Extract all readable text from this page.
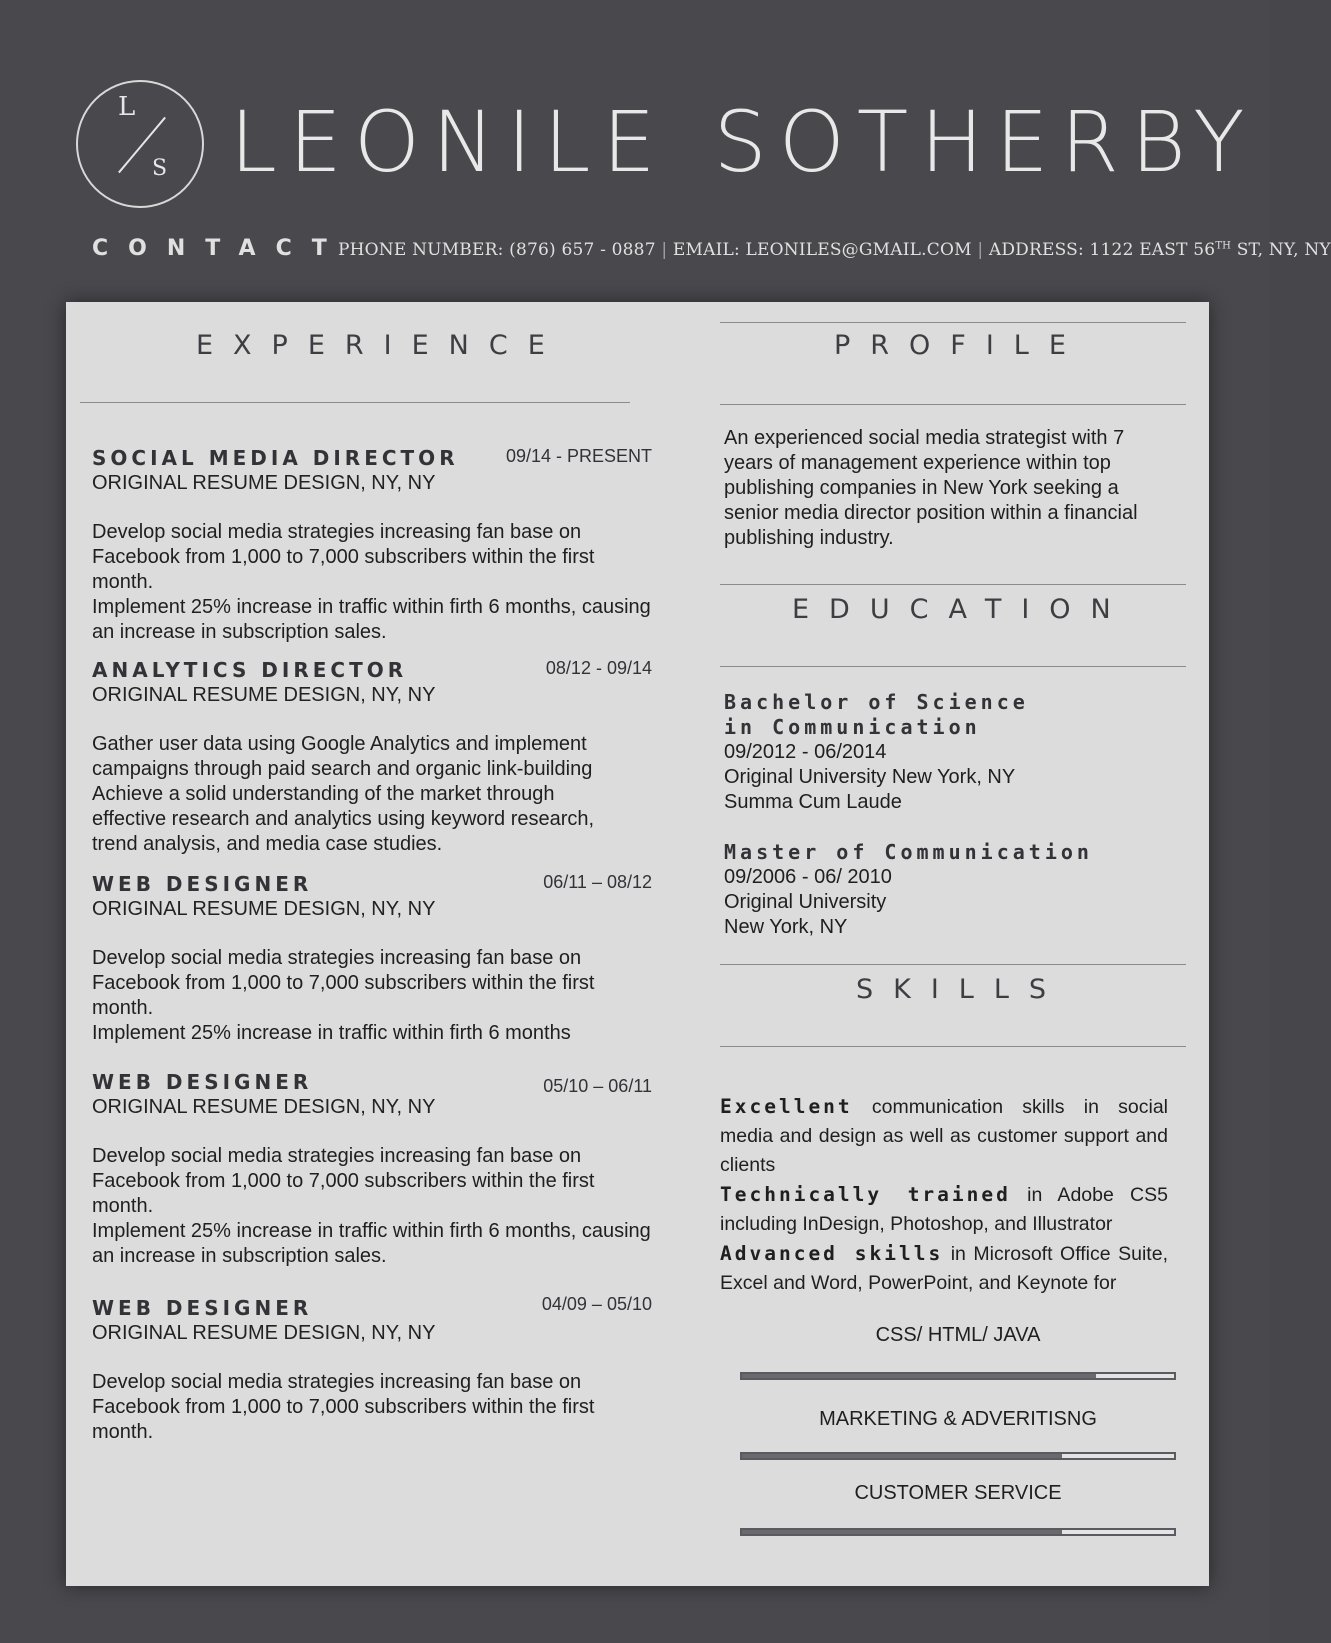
L
S LEONILE SOTHERBY
CONTACT
PHONE NUMBER: (876) 657 - 0887 | EMAIL: LEONILES@GMAIL.COM | ADDRESS: 1122 EAST 56TH ST, NY, NY
EXPERIENCE
SOCIAL MEDIA DIRECTOR	09/14 - PRESENT
ORIGINAL RESUME DESIGN, NY, NY
Develop social media strategies increasing fan base on Facebook from 1,000 to 7,000 subscribers within the first month.
Implement 25% increase in traffic within firth 6 months, causing an increase in subscription sales.
ANALYTICS DIRECTOR	08/12 - 09/14
ORIGINAL RESUME DESIGN, NY, NY
Gather user data using Google Analytics and implement campaigns through paid search and organic link-building
Achieve a solid understanding of the market through effective research and analytics using keyword research, trend analysis, and media case studies.
WEB DESIGNER	06/11 – 08/12
ORIGINAL RESUME DESIGN, NY, NY
Develop social media strategies increasing fan base on Facebook from 1,000 to 7,000 subscribers within the first month.
Implement 25% increase in traffic within firth 6 months
WEB DESIGNER	05/10 – 06/11
ORIGINAL RESUME DESIGN, NY, NY
Develop social media strategies increasing fan base on Facebook from 1,000 to 7,000 subscribers within the first month.
Implement 25% increase in traffic within firth 6 months, causing an increase in subscription sales.
WEB DESIGNER	04/09 – 05/10
ORIGINAL RESUME DESIGN, NY, NY
Develop social media strategies increasing fan base on Facebook from 1,000 to 7,000 subscribers within the first month.
PROFILE
An experienced social media strategist with 7 years of management experience within top publishing companies in New York seeking a senior media director position within a financial publishing industry.
EDUCATION
Bachelor of Science in Communication
09/2012 - 06/2014
Original University New York, NY
Summa Cum Laude
Master of Communication
09/2006 - 06/ 2010
Original University
New York, NY
SKILLS
Excellent communication skills in social media and design as well as customer support and clients
Technically trained in Adobe CS5 including InDesign, Photoshop, and Illustrator
Advanced skills in Microsoft Office Suite, Excel and Word, PowerPoint, and Keynote for
CSS/ HTML/ JAVA
MARKETING & ADVERITISNG
CUSTOMER SERVICE
